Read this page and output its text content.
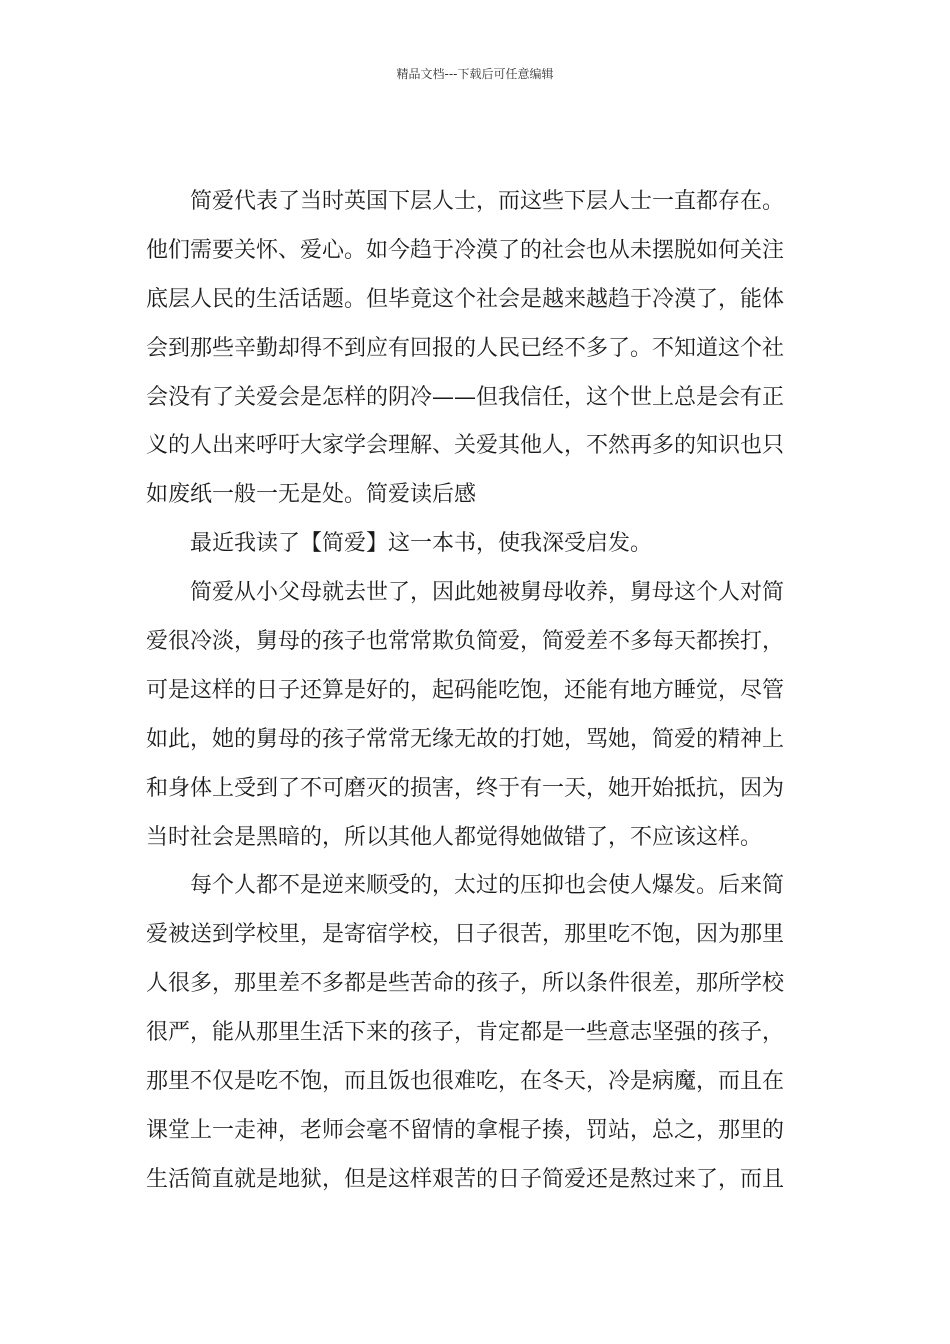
精品文档---下载后可任意编辑
简爱代表了当时英国下层人士，而这些下层人士一直都存在。
他们需要关怀、爱心。如今趋于冷漠了的社会也从未摆脱如何关注
底层人民的生活话题。但毕竟这个社会是越来越趋于冷漠了，能体
会到那些辛勤却得不到应有回报的人民已经不多了。不知道这个社
会没有了关爱会是怎样的阴冷——但我信任，这个世上总是会有正
义的人出来呼吁大家学会理解、关爱其他人，不然再多的知识也只
如废纸一般一无是处。简爱读后感
最近我读了【简爱】这一本书，使我深受启发。
简爱从小父母就去世了，因此她被舅母收养，舅母这个人对简
爱很冷淡，舅母的孩子也常常欺负简爱，简爱差不多每天都挨打，
可是这样的日子还算是好的，起码能吃饱，还能有地方睡觉，尽管
如此，她的舅母的孩子常常无缘无故的打她，骂她，简爱的精神上
和身体上受到了不可磨灭的损害，终于有一天，她开始抵抗，因为
当时社会是黑暗的，所以其他人都觉得她做错了，不应该这样。
每个人都不是逆来顺受的，太过的压抑也会使人爆发。后来简
爱被送到学校里，是寄宿学校，日子很苦，那里吃不饱，因为那里
人很多，那里差不多都是些苦命的孩子，所以条件很差，那所学校
很严，能从那里生活下来的孩子，肯定都是一些意志坚强的孩子，
那里不仅是吃不饱，而且饭也很难吃，在冬天，冷是病魔，而且在
课堂上一走神，老师会毫不留情的拿棍子揍，罚站，总之，那里的
生活简直就是地狱，但是这样艰苦的日子简爱还是熬过来了，而且
